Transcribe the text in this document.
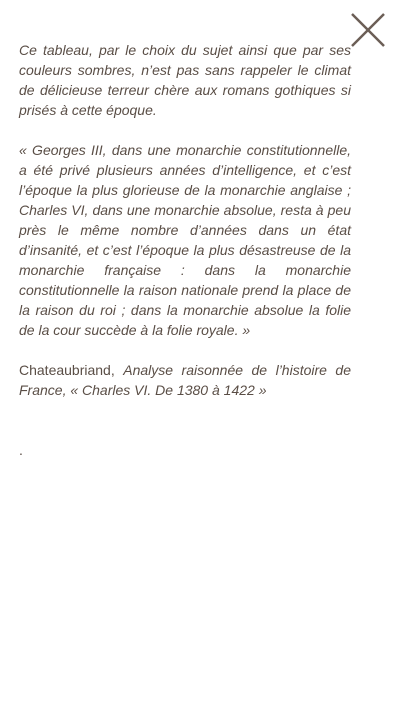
Ce tableau, par le choix du sujet ainsi que par ses couleurs sombres, n’est pas sans rappeler le climat de délicieuse terreur chère aux romans gothiques si prisés à cette époque.

« Georges III, dans une monarchie constitutionnelle, a été privé plusieurs années d’intelligence, et c’est l’époque la plus glorieuse de la monarchie anglaise ; Charles VI, dans une monarchie absolue, resta à peu près le même nombre d’années dans un état d’insanité, et c’est l’époque la plus désastreuse de la monarchie française : dans la monarchie constitutionnelle la raison nationale prend la place de la raison du roi ; dans la monarchie absolue la folie de la cour succède à la folie royale. »

Chateaubriand, Analyse raisonnée de l’histoire de France, « Charles VI. De 1380 à 1422 »

.
